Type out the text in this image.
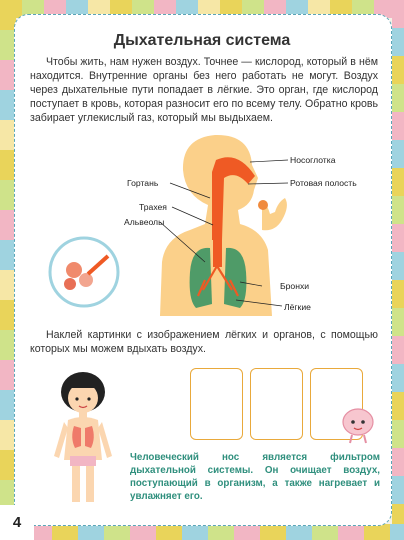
Дыхательная система

Чтобы жить, нам нужен воздух. Точнее — кислород, который в нём находится. Внутренние органы без него работать не могут. Воздух через дыхательные пути попадает в лёгкие. Это орган, где кислород поступает в кровь, которая разносит его по всему телу. Обратно кровь забирает углекислый газ, который мы выдыхаем.

Носоглотка
Ротовая полость
Гортань
Трахея
Альвеолы
Бронхи
Лёгкие

Наклей картинки с изображением лёгких и органов, с помощью которых мы можем вдыхать воздух.

Человеческий нос является фильтром дыхательной системы. Он очищает воздух, поступающий в организм, а также нагревает и увлажняет его.

4
